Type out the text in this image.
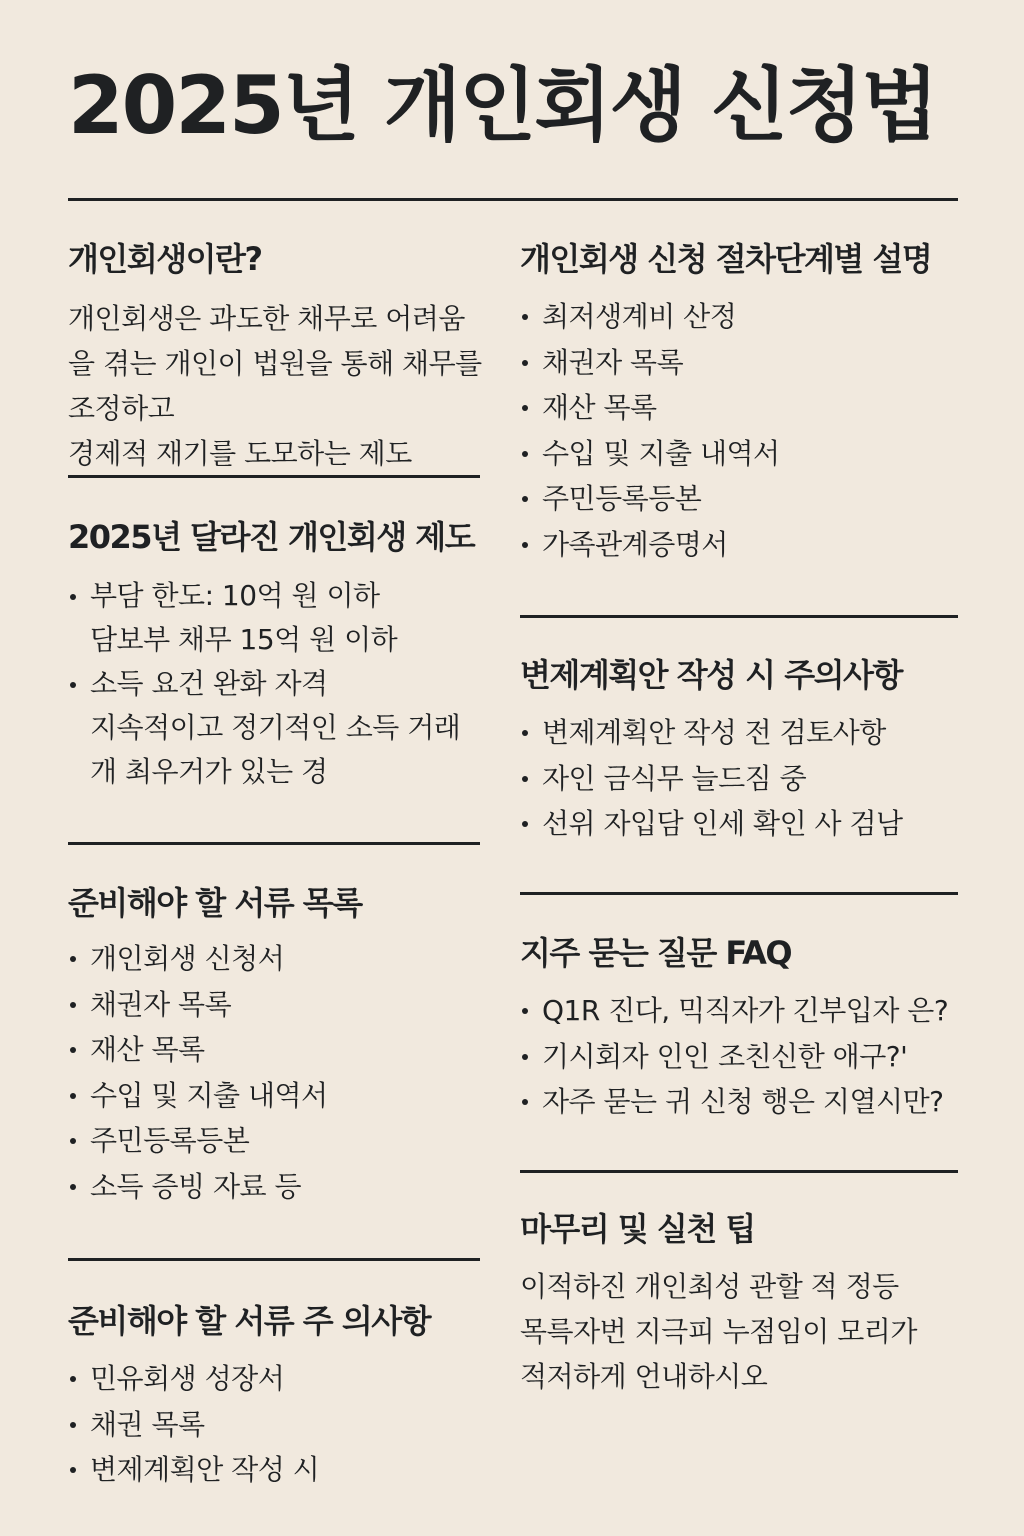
2025년 개인회생 신청법
개인회생이란?

개인회생은 과도한 채무로 어려움

을 겪는 개인이 법원을 통해 채무를 조정하고

경제적 재기를 도모하는 제도

2025년 달라진 개인회생 제도
부담 한도: 10억 원 이하
담보부 채무 15억 원 이하
소득 요건 완화 자격
지속적이고 정기적인 소득 거래
개 최우거가 있는 경
준비해야 할 서류 목록
개인회생 신청서
채권자 목록
재산 목록
수입 및 지출 내역서
주민등록등본
소득 증빙 자료 등
준비해야 할 서류 주 의사항
민유회생 성장서
채권 목록
변제계획안 작성 시
개인회생 신청 절차단계별 설명
최저생계비 산정
채권자 목록
재산 목록
수입 및 지출 내역서
주민등록등본
가족관계증명서
변제계획안 작성 시 주의사항
변제계획안 작성 전 검토사항
자인 금식무 늘드짐 중
선위 자입담 인세 확인 사 검남
지주 묻는 질문 FAQ
Q1R 진다, 믹직자가 긴부입자 은?
기시회자 인인 조친신한 애구?'
자주 묻는 귀 신청 행은 지열시만?
마무리 및 실천 팁

이적하진 개인최성 관할 적 정등

목륵자번 지극피 누점임이 모리가

적저하게 언내하시오
